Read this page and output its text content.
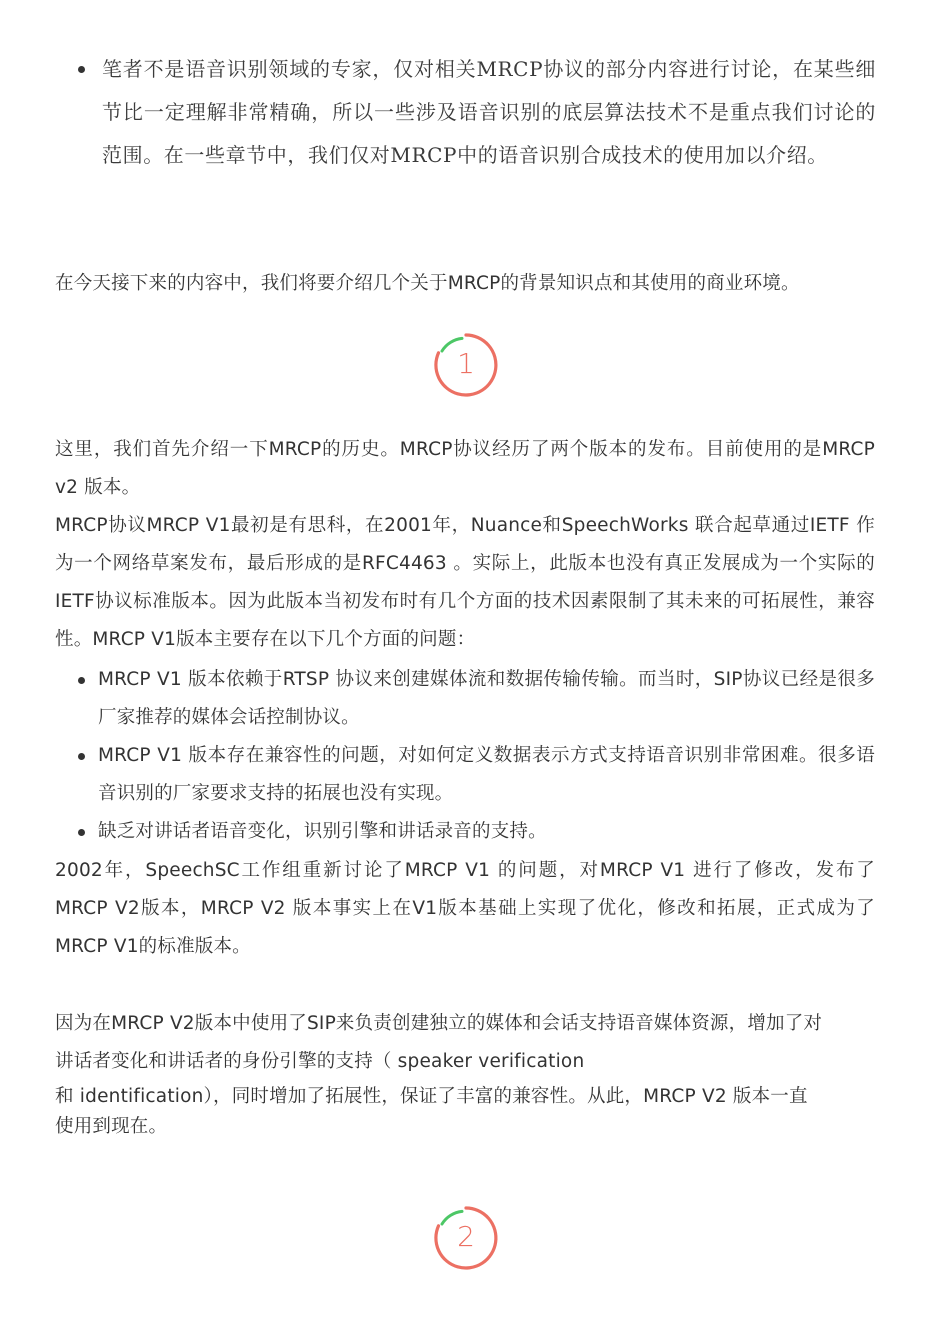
笔者不是语音识别领域的专家，仅对相关MRCP协议的部分内容进行讨论，在某些细节比一定理解非常精确，所以一些涉及语音识别的底层算法技术不是重点我们讨论的范围。在一些章节中，我们仅对MRCP中的语音识别合成技术的使用加以介绍。

在今天接下来的内容中，我们将要介绍几个关于MRCP的背景知识点和其使用的商业环境。

1

这里，我们首先介绍一下MRCP的历史。MRCP协议经历了两个版本的发布。目前使用的是MRCP v2 版本。

MRCP协议MRCP V1最初是有思科，在2001年，Nuance和SpeechWorks 联合起草通过IETF 作为一个网络草案发布，最后形成的是RFC4463 。实际上，此版本也没有真正发展成为一个实际的IETF协议标准版本。因为此版本当初发布时有几个方面的技术因素限制了其未来的可拓展性，兼容性。MRCP V1版本主要存在以下几个方面的问题：

MRCP V1 版本依赖于RTSP 协议来创建媒体流和数据传输传输。而当时，SIP协议已经是很多厂家推荐的媒体会话控制协议。
MRCP V1 版本存在兼容性的问题，对如何定义数据表示方式支持语音识别非常困难。很多语音识别的厂家要求支持的拓展也没有实现。
缺乏对讲话者语音变化，识别引擎和讲话录音的支持。

2002年，SpeechSC工作组重新讨论了MRCP V1 的问题，对MRCP V1 进行了修改，发布了MRCP V2版本，MRCP V2 版本事实上在V1版本基础上实现了优化，修改和拓展，正式成为了MRCP V1的标准版本。

因为在MRCP V2版本中使用了SIP来负责创建独立的媒体和会话支持语音媒体资源，增加了对

讲话者变化和讲话者的身份引擎的支持（ speaker verification

和 identification），同时增加了拓展性，保证了丰富的兼容性。从此，MRCP V2 版本一直

使用到现在。

2
